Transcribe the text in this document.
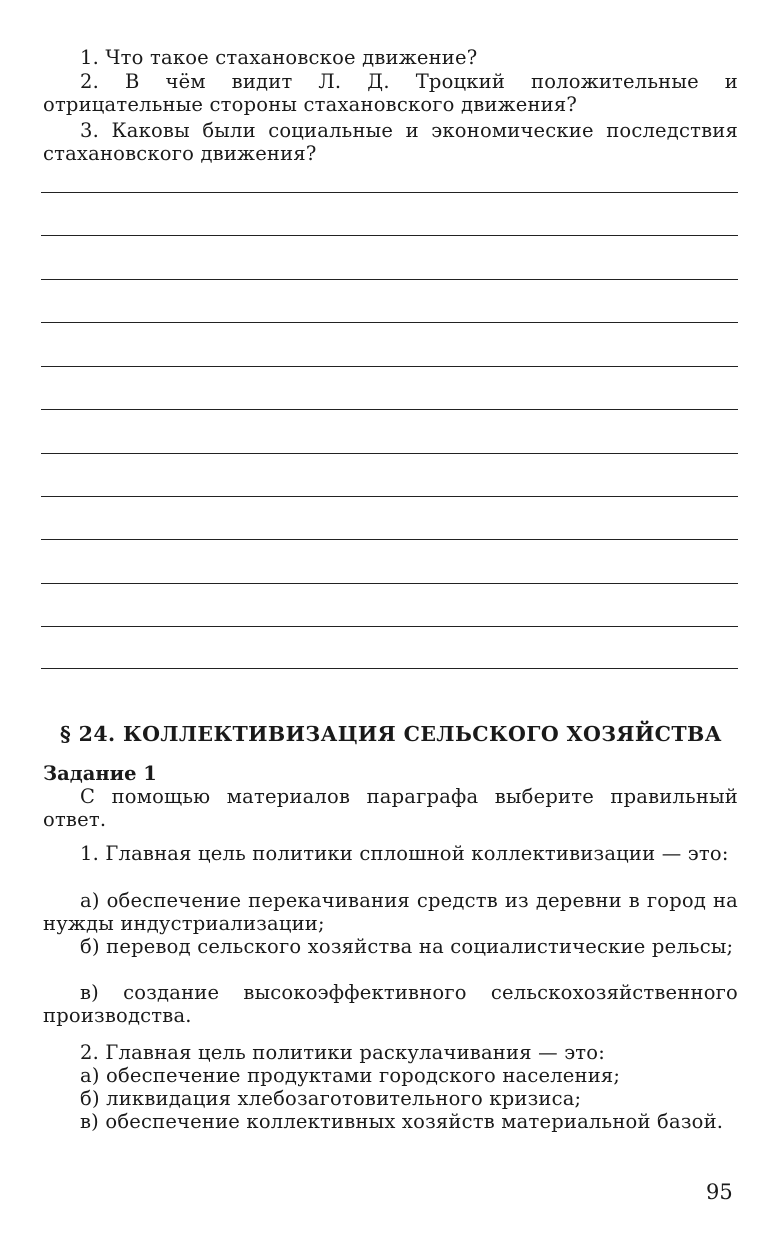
1. Что такое стахановское движение?
2. В чём видит Л. Д. Троцкий положительные и отрицательные стороны стахановского движения?
3. Каковы были социальные и экономические последствия стахановского движения?
§ 24. КОЛЛЕКТИВИЗАЦИЯ СЕЛЬСКОГО ХОЗЯЙСТВА
Задание 1
С помощью материалов параграфа выберите правильный ответ.
1. Главная цель политики сплошной коллективизации — это:
а) обеспечение перекачивания средств из деревни в город на нужды индустриализации;
б) перевод сельского хозяйства на социалистические рельсы;
в) создание высокоэффективного сельскохозяйственного производства.
2. Главная цель политики раскулачивания — это:
а) обеспечение продуктами городского населения;
б) ликвидация хлебозаготовительного кризиса;
в) обеспечение коллективных хозяйств материальной базой.
95
